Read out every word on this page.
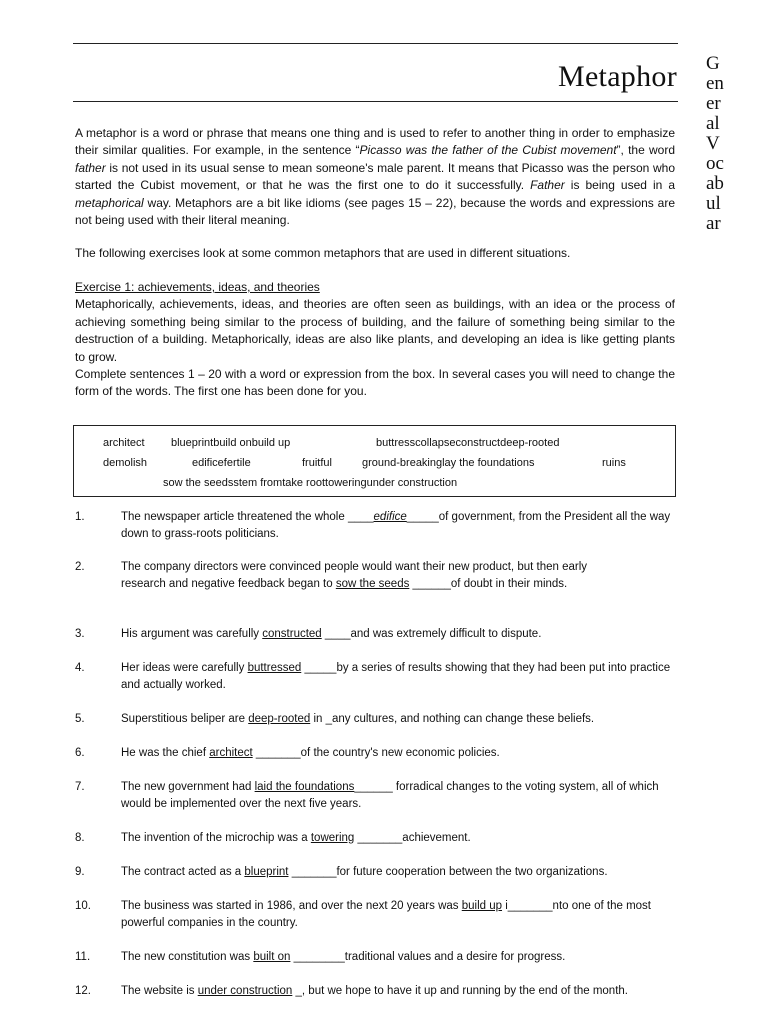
Metaphor G
en
er
al
V
oc
ab
ul
ar

A metaphor is a word or phrase that means one thing and is used to refer to another thing in order to emphasize their similar qualities. For example, in the sentence “Picasso was the father of the Cubist movement”, the word father is not used in its usual sense to mean someone's male parent. It means that Picasso was the person who started the Cubist movement, or that he was the first one to do it successfully. Father is being used in a metaphorical way. Metaphors are a bit like idioms (see pages 15 – 22), because the words and expressions are not being used with their literal meaning.

The following exercises look at some common metaphors that are used in different situations.

Exercise 1: achievements, ideas, and theories
Metaphorically, achievements, ideas, and theories are often seen as buildings, with an idea or the process of achieving something being similar to the process of building, and the failure of something being similar to the destruction of a building. Metaphorically, ideas are also like plants, and developing an idea is like getting plants to grow.
Complete sentences 1 – 20 with a word or expression from the box. In several cases you will need to change the form of the words. The first one has been done for you.
architect blueprintbuild onbuild up	buttresscollapseconstructdeep-rooted
demolish	edificefertile	fruitful	ground-breakinglay the foundations	ruins
sow the seedsstem fromtake roottoweringunder construction
1.	The newspaper article threatened the whole ____edifice_____of government, from the President all the way down to grass-roots politicians.
2.	The company directors were convinced people would want their new product, but then early research and negative feedback began to sow the seeds ______of doubt in their minds.
3.	His argument was carefully constructed ____and was extremely difficult to dispute.
4.	Her ideas were carefully buttressed _____by a series of results showing that they had been put into practice and actually worked.
5.	Superstitious beliper are deep-rooted in _any cultures, and nothing can change these beliefs.
6.	He was the chief architect _______of the country's new economic policies.
7.	The new government had laid the foundations______ forradical changes to the voting system, all of which would be implemented over the next five years.
8.	The invention of the microchip was a towering _______achievement.
9.	The contract acted as a blueprint _______for future cooperation between the two organizations.
10.	The business was started in 1986, and over the next 20 years was build up i_______nto one of the most powerful companies in the country.
11.	The new constitution was built on ________traditional values and a desire for progress.
12.	The website is under construction _, but we hope to have it up and running by the end of the month.
